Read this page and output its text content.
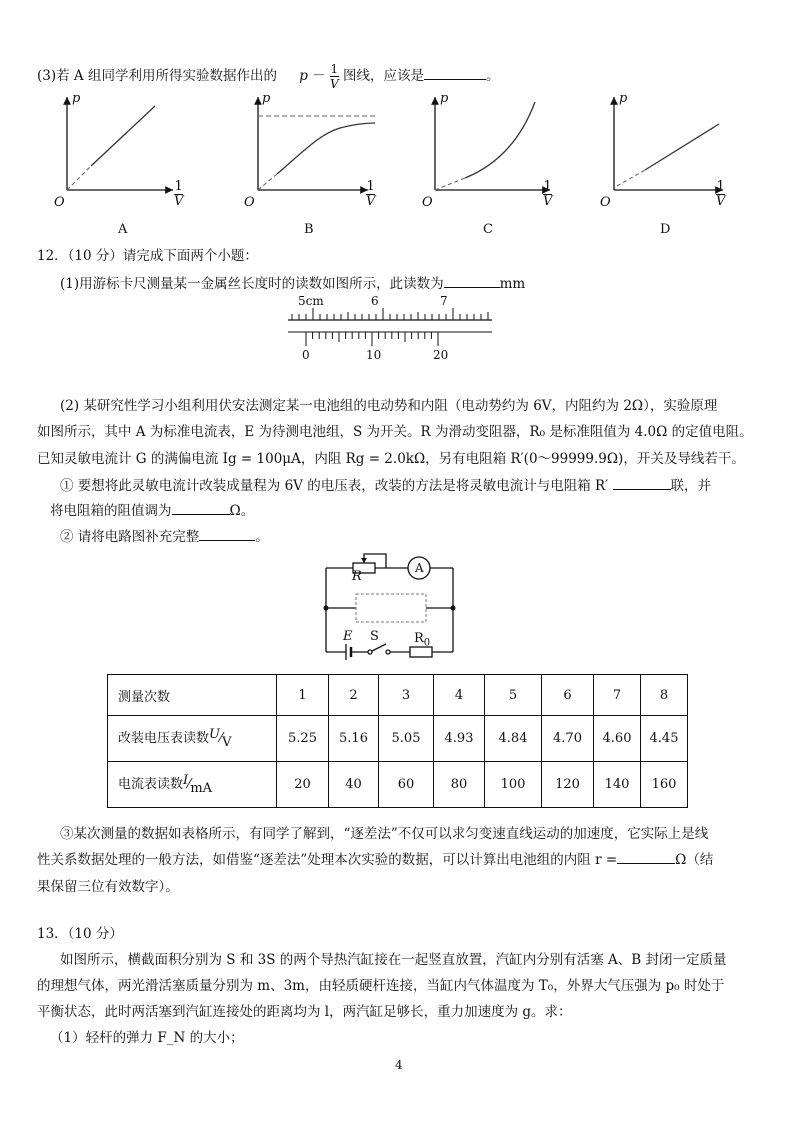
(3)若 A 组同学利用所得实验数据作出的 $p - \frac{1}{V}$ 图线，应该是	。
p
O
1
V
A
p
O
1
V
B
p
O
1
V
C
p
O
1
V
D
12．（10 分）请完成下面两个小题：
(1)用游标卡尺测量某一金属丝长度时的读数如图所示，此读数为	mm
5cm	6	7
0	10	20
(2) 某研究性学习小组利用伏安法测定某一电池组的电动势和内阻（电动势约为 6V，内阻约为 2Ω），实验原理
如图所示，其中 A 为标准电流表，E 为待测电池组，S 为开关。R 为滑动变阻器，R₀ 是标准阻值为 4.0Ω 的定值电阻。
已知灵敏电流计 G 的满偏电流 Ig = 100μA，内阻 Rg = 2.0kΩ，另有电阻箱 R′(0～99999.9Ω)，开关及导线若干。
① 要想将此灵敏电流计改装成量程为 6V 的电压表，改装的方法是将灵敏电流计与电阻箱 R′	联，并
将电阻箱的阻值调为	Ω。
② 请将电路图补充完整	。
R
A
E S	$R_0$
测量次数	1	2	3	4	5	6	7	8
改装电压表读数U⁄V	5.25	5.16	5.05	4.93	4.84	4.70	4.60	4.45
电流表读数I⁄mA	20	40	60	80	100	120	140	160
③某次测量的数据如表格所示，有同学了解到，“逐差法”不仅可以求匀变速直线运动的加速度，它实际上是线
性关系数据处理的一般方法，如借鉴“逐差法”处理本次实验的数据，可以计算出电池组的内阻 r =	Ω（结
果保留三位有效数字）。
13．（10 分）
如图所示，横截面积分别为 S 和 3S 的两个导热汽缸接在一起竖直放置，汽缸内分别有活塞 A、B 封闭一定质量
的理想气体，两光滑活塞质量分别为 m、3m，由轻质硬杆连接，当缸内气体温度为 T₀，外界大气压强为 p₀ 时处于
平衡状态，此时两活塞到汽缸连接处的距离均为 l，两汽缸足够长，重力加速度为 g。求：
（1）轻杆的弹力 F_N 的大小；
4
